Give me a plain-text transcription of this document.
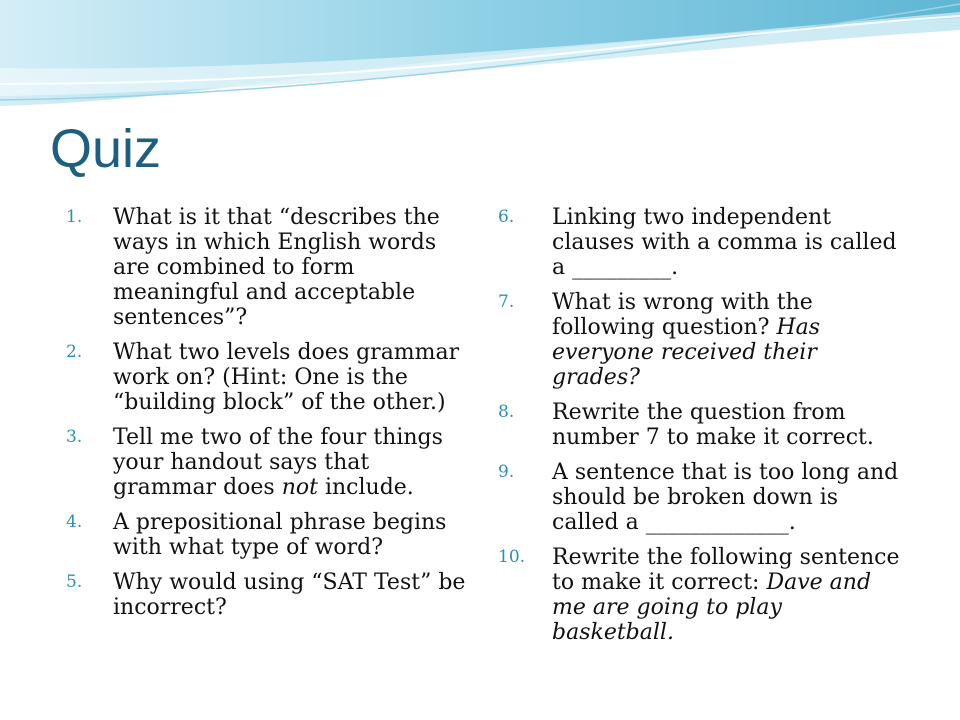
Quiz
1.	What is it that “describes the ways in which English words are combined to form meaningful and acceptable sentences”?
2.	What two levels does grammar work on? (Hint: One is the “building block” of the other.)
3.	Tell me two of the four things your handout says that grammar does not include.
4.	A prepositional phrase begins with what type of word?
5.	Why would using “SAT Test” be incorrect?
6.	Linking two independent clauses with a comma is called a _________.
7.	What is wrong with the following question? Has everyone received their grades?
8.	Rewrite the question from number 7 to make it correct.
9.	A sentence that is too long and should be broken down is called a _____________.
10.	Rewrite the following sentence to make it correct: Dave and me are going to play basketball.
